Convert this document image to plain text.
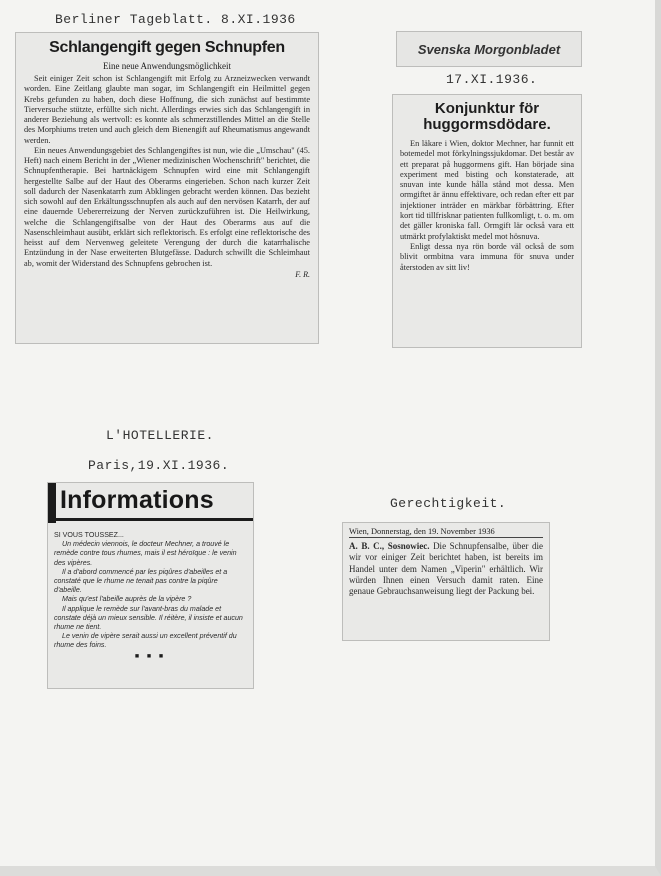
Berliner Tageblatt. 8.XI.1936
Schlangengift gegen Schnupfen
Eine neue Anwendungsmöglichkeit

Seit einiger Zeit schon ist Schlangengift mit Erfolg zu Arzneizwecken verwandt worden. Eine Zeitlang glaubte man sogar, im Schlangengift ein Heilmittel gegen Krebs gefunden zu haben, doch diese Hoffnung, die sich zunächst auf bestimmte Tierversuche stützte, erfüllte sich nicht. Allerdings erwies sich das Schlangengift in anderer Beziehung als wertvoll: es konnte als schmerzstillendes Mittel an die Stelle des Morphiums treten und auch gleich dem Bienengift auf Rheumatismus angewandt werden.

Ein neues Anwendungsgebiet des Schlangengiftes ist nun, wie die „Umschau" (45. Heft) nach einem Bericht in der „Wiener medizinischen Wochenschrift" berichtet, die Schnupfentherapie. Bei hartnäckigem Schnupfen wird eine mit Schlangengift hergestellte Salbe auf der Haut des Oberarms eingerieben. Schon nach kurzer Zeit soll dadurch der Nasenkatarrh zum Abklingen gebracht werden können. Das bezieht sich sowohl auf den Erkältungsschnupfen als auch auf den nervösen Katarrh, der auf eine dauernde Uebererreizung der Nerven zurückzuführen ist. Die Heilwirkung, welche die Schlangengiftsalbe von der Haut des Oberarms aus auf die Nasenschleimhaut ausübt, erklärt sich reflektorisch. Es erfolgt eine reflektorische des heisst auf dem Nervenweg geleitete Verengung der durch die katarrhalische Entzündung in der Nase erweiterten Blutgefässe. Dadurch schwillt die Schleimhaut ab, womit der Widerstand des Schnupfens gebrochen ist.

F. R.
Svenska Morgonbladet
17.XI.1936.
Konjunktur för huggormsdödare.

En läkare i Wien, doktor Mechner, har funnit ett botemedel mot förkylningssjukdomar. Det består av ett preparat på huggormens gift. Han började sina experiment med bisting och konstaterade, att snuvan inte kunde hålla stånd mot dessa. Men ormgiftet är ännu effektivare, och redan efter ett par injektioner inträder en märkbar förbättring. Efter kort tid tillfrisknar patienten fullkomligt, t. o. m. om det gäller kroniska fall. Ormgift lär också vara ett utmärkt profylaktiskt medel mot hösnuva.

Enligt dessa nya rön borde väl också de som blivit ormbitna vara immuna för snuva under återstoden av sitt liv!

L'HOTELLERIE.
Paris,19.XI.1936.
Informations

SI VOUS TOUSSEZ...

Un médecin viennois, le docteur Mechner, a trouvé le remède contre tous rhumes, mais il est héroïque : le venin des vipères.

Il a d'abord commencé par les piqûres d'abeilles et a constaté que le rhume ne tenait pas contre la piqûre d'abeille.

Mais qu'est l'abeille auprès de la vipère ?

Il applique le remède sur l'avant-bras du malade et constate déjà un mieux sensible. Il réitère, il insiste et aucun rhume ne tient.

Le venin de vipère serait aussi un excellent préventif du rhume des foins.

■ ■ ■
Gerechtigkeit.
Wien, Donnerstag, den 19. November 1936

A. B. C., Sosnowiec. Die Schnupfensalbe, über die wir vor einiger Zeit berichtet haben, ist bereits im Handel unter dem Namen „Viperin" erhältlich. Wir würden Ihnen einen Versuch damit raten. Eine genaue Gebrauchsanweisung liegt der Packung bei.
